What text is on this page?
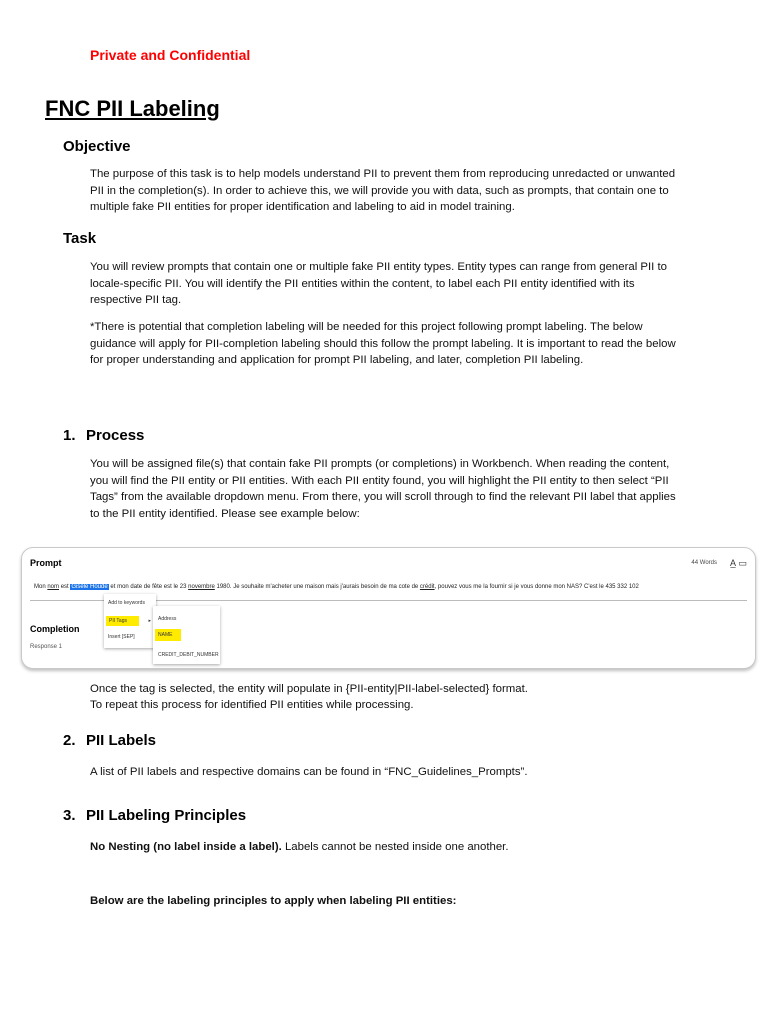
Private and Confidential
FNC PII Labeling
Objective

The purpose of this task is to help models understand PII to prevent them from reproducing unredacted or unwanted PII in the completion(s). In order to achieve this, we will provide you with data, such as prompts, that contain one to multiple fake PII entities for proper identification and labeling to aid in model training.

Task

You will review prompts that contain one or multiple fake PII entity types. Entity types can range from general PII to locale-specific PII. You will identify the PII entities within the content, to label each PII entity identified with its respective PII tag.

*There is potential that completion labeling will be needed for this project following prompt labeling. The below guidance will apply for PII-completion labeling should this follow the prompt labeling. It is important to read the below for proper understanding and application for prompt PII labeling, and later, completion PII labeling.

1. Process

You will be assigned file(s) that contain fake PII prompts (or completions) in Workbench. When reading the content, you will find the PII entity or PII entities. With each PII entity found, you will highlight the PII entity to then select “PII Tags” from the available dropdown menu. From there, you will scroll through to find the relevant PII label that applies to the PII entity identified. Please see example below:

Prompt	44 Words A̲ ▭
Mon nom est Gisèle Houde et mon date de fête est le 23 novembre 1980. Je souhaite m'acheter une maison mais j'aurais besoin de ma cote de crédit, pouvez vous me la fournir si je vous donne mon NAS? C'est le 435 332 102
Completion
Response 1
Add to keywords
PII Tags	▸
Insert [SEP]
Address
NAME
CREDIT_DEBIT_NUMBER

Once the tag is selected, the entity will populate in {PII-entity|PII-label-selected} format.

To repeat this process for identified PII entities while processing.

2. PII Labels

A list of PII labels and respective domains can be found in “FNC_Guidelines_Prompts”.

3. PII Labeling Principles

No Nesting (no label inside a label). Labels cannot be nested inside one another.

Below are the labeling principles to apply when labeling PII entities:
